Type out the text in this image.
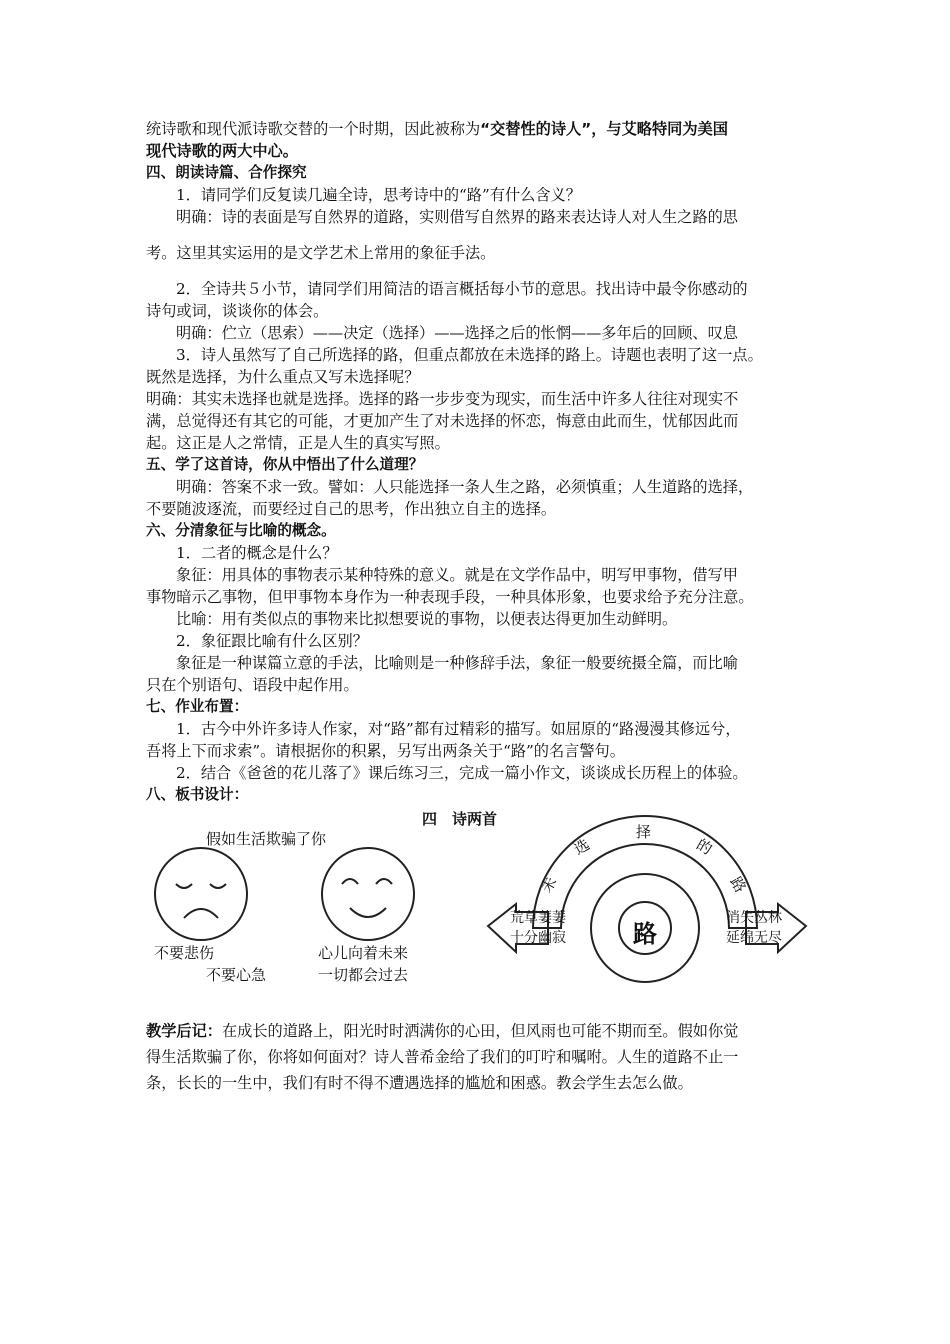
统诗歌和现代派诗歌交替的一个时期，因此被称为“交替性的诗人”，与艾略特同为美国
现代诗歌的两大中心。
四、朗读诗篇、合作探究
1．请同学们反复读几遍全诗，思考诗中的“路”有什么含义？
明确：诗的表面是写自然界的道路，实则借写自然界的路来表达诗人对人生之路的思
考。这里其实运用的是文学艺术上常用的象征手法。
2．全诗共５小节，请同学们用简洁的语言概括每小节的意思。找出诗中最令你感动的
诗句或词，谈谈你的体会。
明确：伫立（思索）——决定（选择）——选择之后的怅惘——多年后的回顾、叹息
3．诗人虽然写了自己所选择的路，但重点都放在未选择的路上。诗题也表明了这一点。
既然是选择，为什么重点又写未选择呢？
明确：其实未选择也就是选择。选择的路一步步变为现实，而生活中许多人往往对现实不
满，总觉得还有其它的可能，才更加产生了对未选择的怀恋，悔意由此而生，忧郁因此而
起。这正是人之常情，正是人生的真实写照。
五、学了这首诗，你从中悟出了什么道理？
明确：答案不求一致。譬如：人只能选择一条人生之路，必须慎重；人生道路的选择，
不要随波逐流，而要经过自己的思考，作出独立自主的选择。
六、分清象征与比喻的概念。
1．二者的概念是什么？
象征：用具体的事物表示某种特殊的意义。就是在文学作品中，明写甲事物，借写甲
事物暗示乙事物，但甲事物本身作为一种表现手段，一种具体形象，也要求给予充分注意。
比喻：用有类似点的事物来比拟想要说的事物，以便表达得更加生动鲜明。
2．象征跟比喻有什么区别？
象征是一种谋篇立意的手法，比喻则是一种修辞手法，象征一般要统摄全篇，而比喻
只在个别语句、语段中起作用。
七、作业布置：
1．古今中外许多诗人作家，对“路”都有过精彩的描写。如屈原的“路漫漫其修远兮，
吾将上下而求索”。请根据你的积累，另写出两条关于“路”的名言警句。
2．结合《爸爸的花儿落了》课后练习三，完成一篇小作文，谈谈成长历程上的体验。
八、板书设计：
四　诗两首
假如生活欺骗了你
不要悲伤
不要心急
心儿向着未来
一切都会过去
未
选
择
的
路
路
荒草萋萋
十分幽寂
消失丛林
延绵无尽
教学后记：在成长的道路上，阳光时时洒满你的心田，但风雨也可能不期而至。假如你觉
得生活欺骗了你，你将如何面对？诗人普希金给了我们的叮咛和嘱咐。人生的道路不止一
条，长长的一生中，我们有时不得不遭遇选择的尴尬和困惑。教会学生去怎么做。
